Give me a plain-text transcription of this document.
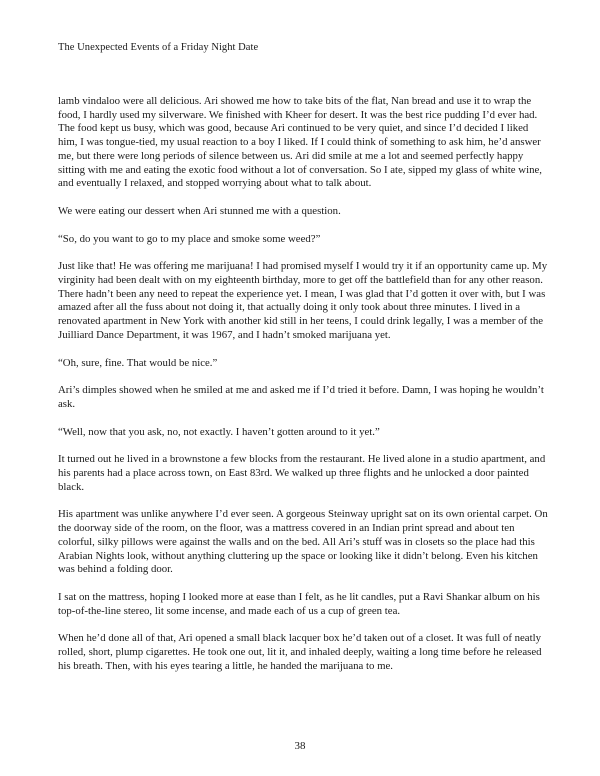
The Unexpected Events of a Friday Night Date

lamb vindaloo were all delicious. Ari showed me how to take bits of the flat, Nan bread and use it to wrap the food, I hardly used my silverware. We finished with Kheer for desert. It was the best rice pudding I’d ever had. The food kept us busy, which was good, because Ari continued to be very quiet, and since I’d decided I liked him, I was tongue-tied, my usual reaction to a boy I liked. If I could think of something to ask him, he’d answer me, but there were long periods of silence between us. Ari did smile at me a lot and seemed perfectly happy sitting with me and eating the exotic food without a lot of conversation. So I ate, sipped my glass of white wine, and eventually I relaxed, and stopped worrying about what to talk about.

We were eating our dessert when Ari stunned me with a question.

“So, do you want to go to my place and smoke some weed?”

Just like that! He was offering me marijuana! I had promised myself I would try it if an opportunity came up. My virginity had been dealt with on my eighteenth birthday, more to get off the battlefield than for any other reason. There hadn’t been any need to repeat the experience yet. I mean, I was glad that I’d gotten it over with, but I was amazed after all the fuss about not doing it, that actually doing it only took about three minutes. I lived in a renovated apartment in New York with another kid still in her teens, I could drink legally, I was a member of the Juilliard Dance Department, it was 1967, and I hadn’t smoked marijuana yet.

“Oh, sure, fine. That would be nice.”

Ari’s dimples showed when he smiled at me and asked me if I’d tried it before. Damn, I was hoping he wouldn’t ask.

“Well, now that you ask, no, not exactly. I haven’t gotten around to it yet.”

It turned out he lived in a brownstone a few blocks from the restaurant. He lived alone in a studio apartment, and his parents had a place across town, on East 83rd. We walked up three flights and he unlocked a door painted black.

His apartment was unlike anywhere I’d ever seen. A gorgeous Steinway upright sat on its own oriental carpet. On the doorway side of the room, on the floor, was a mattress covered in an Indian print spread and about ten colorful, silky pillows were against the walls and on the bed. All Ari’s stuff was in closets so the place had this Arabian Nights look, without anything cluttering up the space or looking like it didn’t belong. Even his kitchen was behind a folding door.

I sat on the mattress, hoping I looked more at ease than I felt, as he lit candles, put a Ravi Shankar album on his top-of-the-line stereo, lit some incense, and made each of us a cup of green tea.

When he’d done all of that, Ari opened a small black lacquer box he’d taken out of a closet. It was full of neatly rolled, short, plump cigarettes. He took one out, lit it, and inhaled deeply, waiting a long time before he released his breath. Then, with his eyes tearing a little, he handed the marijuana to me.

38
